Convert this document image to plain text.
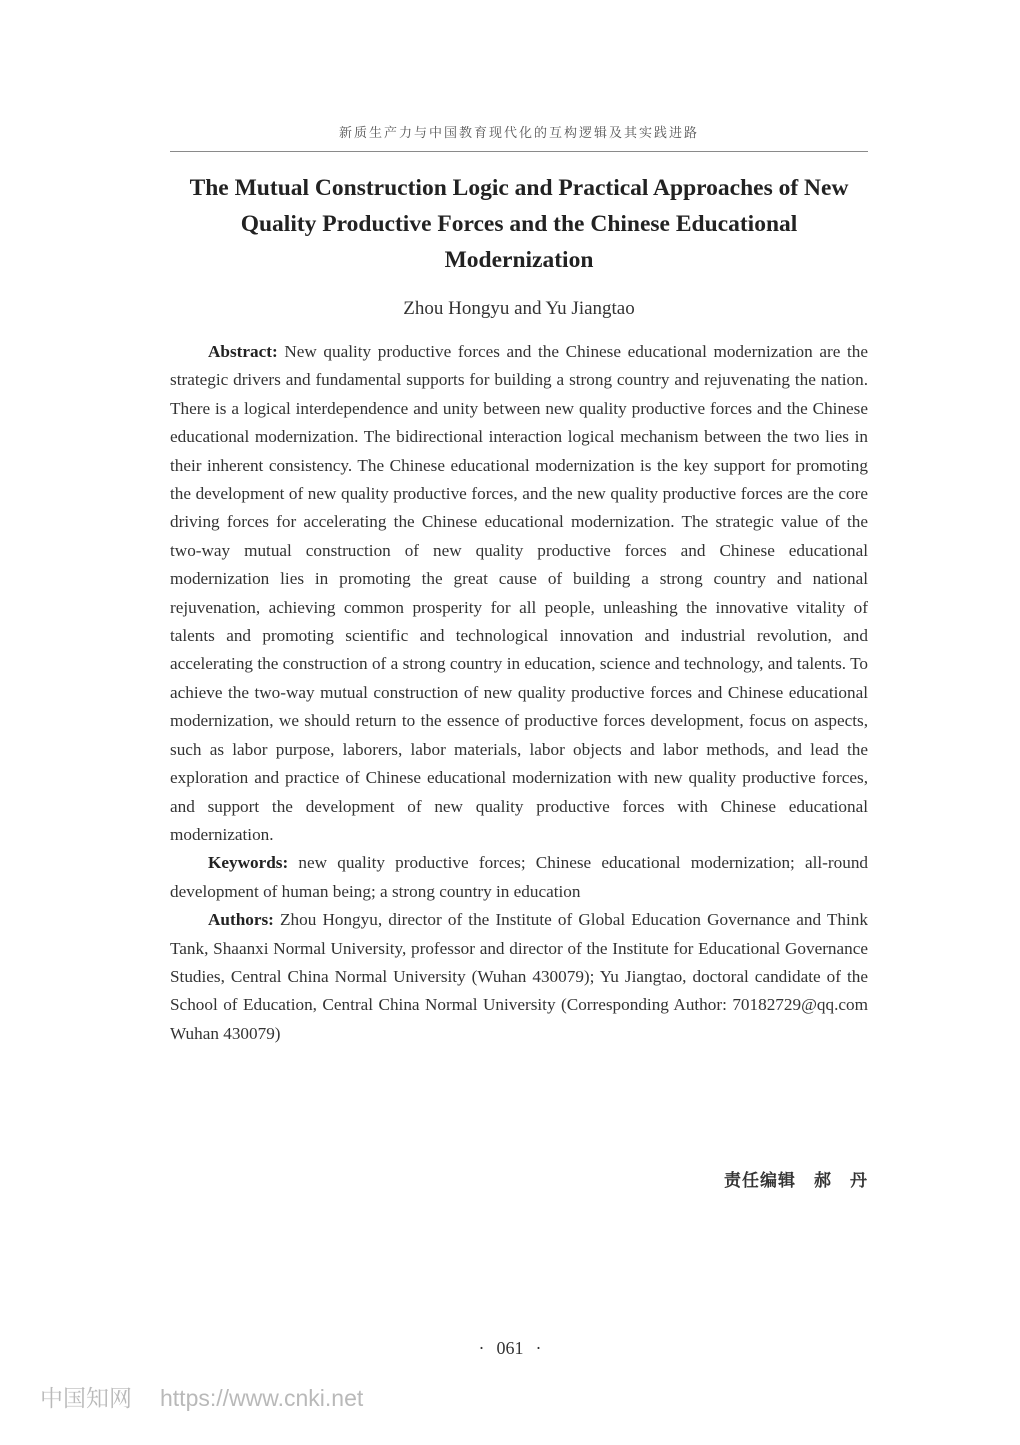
新质生产力与中国教育现代化的互构逻辑及其实践进路
The Mutual Construction Logic and Practical Approaches of New Quality Productive Forces and the Chinese Educational Modernization
Zhou Hongyu and Yu Jiangtao

Abstract: New quality productive forces and the Chinese educational modernization are the strategic drivers and fundamental supports for building a strong country and rejuvenating the nation. There is a logical interdependence and unity between new quality productive forces and the Chinese educational modernization. The bidirectional interaction logical mechanism between the two lies in their inherent consistency. The Chinese educational modernization is the key support for promoting the development of new quality productive forces, and the new quality productive forces are the core driving forces for accelerating the Chinese educational modernization. The strategic value of the two-way mutual construction of new quality productive forces and Chinese educational modernization lies in promoting the great cause of building a strong country and national rejuvenation, achieving common prosperity for all people, unleashing the innovative vitality of talents and promoting scientific and technological innovation and industrial revolution, and accelerating the construction of a strong country in education, science and technology, and talents. To achieve the two-way mutual construction of new quality productive forces and Chinese educational modernization, we should return to the essence of productive forces development, focus on aspects, such as labor purpose, laborers, labor materials, labor objects and labor methods, and lead the exploration and practice of Chinese educational modernization with new quality productive forces, and support the development of new quality productive forces with Chinese educational modernization.

Keywords: new quality productive forces; Chinese educational modernization; all-round development of human being; a strong country in education

Authors: Zhou Hongyu, director of the Institute of Global Education Governance and Think Tank, Shaanxi Normal University, professor and director of the Institute for Educational Governance Studies, Central China Normal University (Wuhan 430079); Yu Jiangtao, doctoral candidate of the School of Education, Central China Normal University (Corresponding Author: 70182729@qq.com Wuhan 430079)

责任编辑 郝 丹
· 061 ·
中国知网 https://www.cnki.net
